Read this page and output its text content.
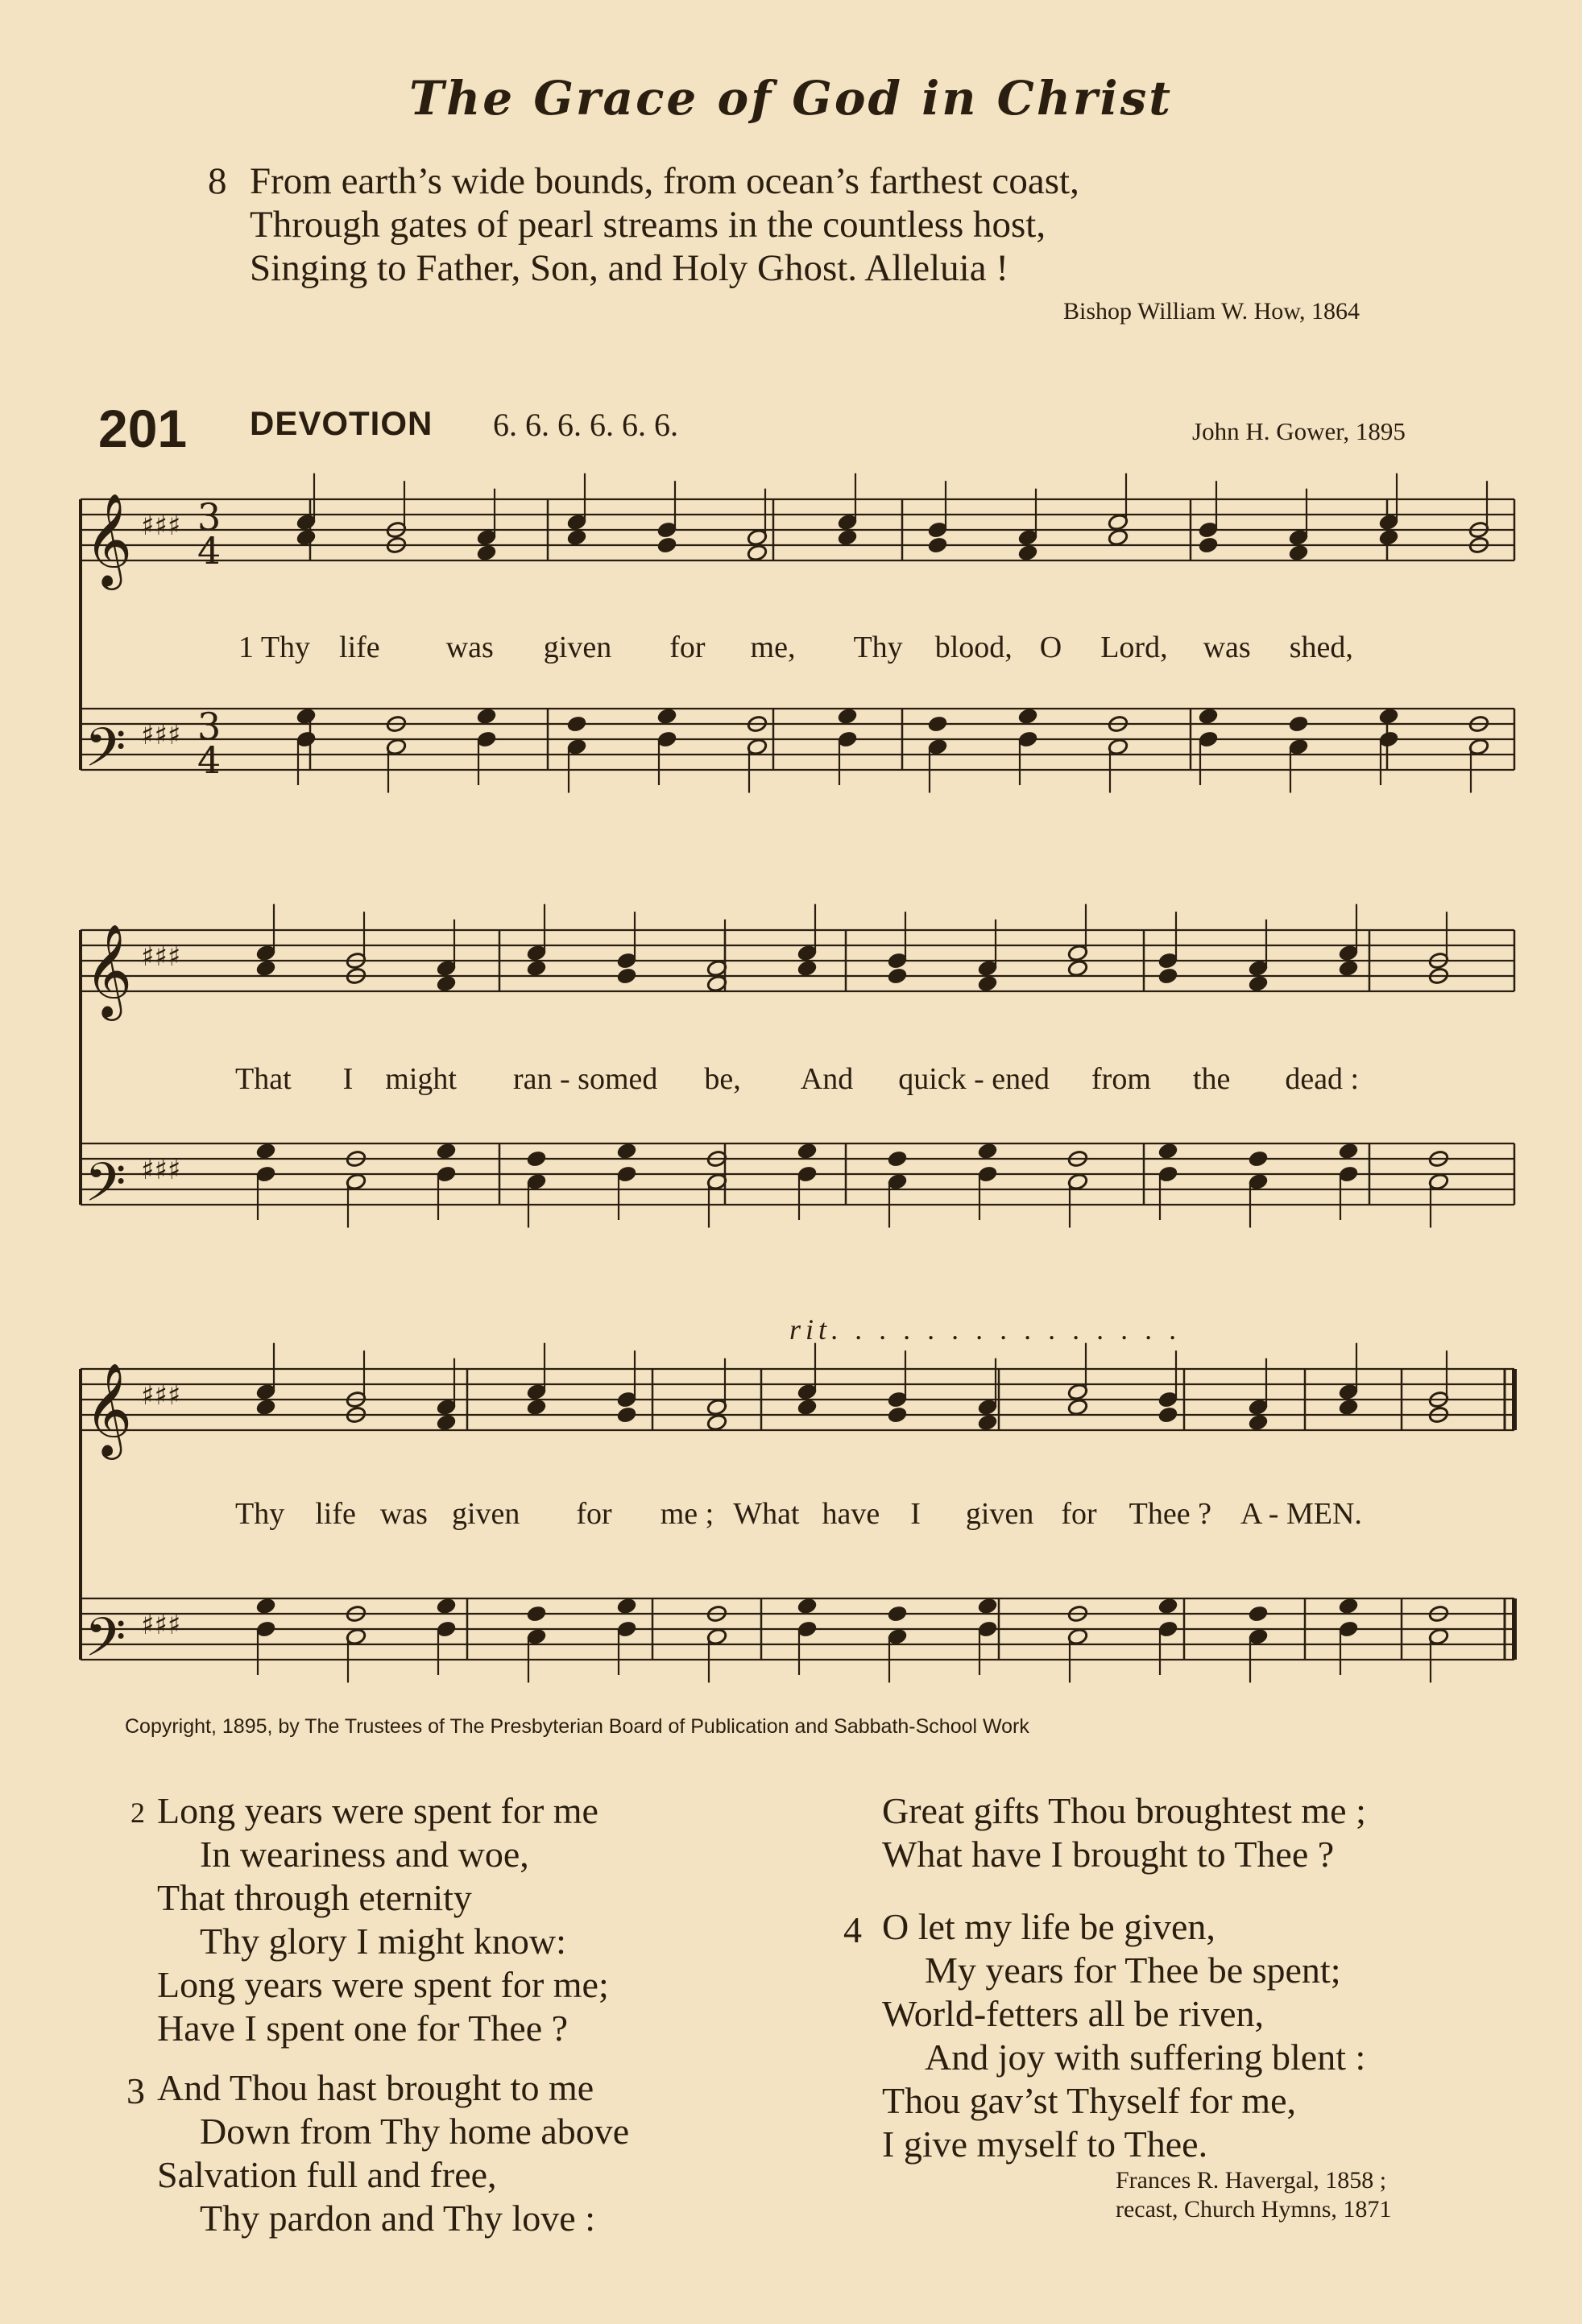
The Grace of God in Christ
8 From earth’s wide bounds, from ocean’s farthest coast,
Through gates of pearl streams in the countless host,
Singing to Father, Son, and Holy Ghost. Alleluia !
Bishop William W. How, 1864
201 DEVOTION 6. 6. 6. 6. 6. 6.	John H. Gower, 1895
𝄞 ♯♯♯ 3
4
𝄢 ♯♯♯ 3
4
𝄞 ♯♯♯
𝄢 ♯♯♯
𝄞 ♯♯♯
𝄢 ♯♯♯
1 Thy life was given for me, Thy blood, O Lord, was shed,
That I might ran - somed be, And quick - ened from the dead :
rit. . . . . . . . . . . . . . .
Thy life was given for me ; What have I given for Thee ? A - MEN.
Copyright, 1895, by The Trustees of The Presbyterian Board of Publication and Sabbath-School Work
2 Long years were spent for me
In weariness and woe,
That through eternity
Thy glory I might know:
Long years were spent for me;
Have I spent one for Thee ?
3 And Thou hast brought to me
Down from Thy home above
Salvation full and free,
Thy pardon and Thy love :
Great gifts Thou broughtest me ;
What have I brought to Thee ?
4 O let my life be given,
My years for Thee be spent;
World-fetters all be riven,
And joy with suffering blent :
Thou gav’st Thyself for me,
I give myself to Thee.
Frances R. Havergal, 1858 ;
recast, Church Hymns, 1871
